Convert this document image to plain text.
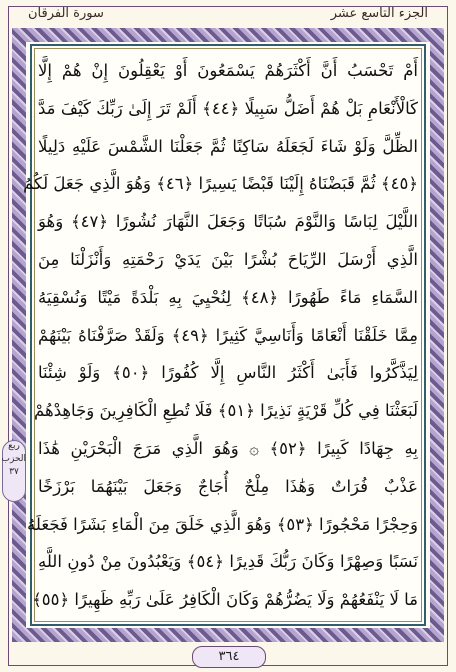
الجزء التاسع عشر
سورة الفرقان
أَمْ تَحْسَبُ أَنَّ أَكْثَرَهُمْ يَسْمَعُونَ أَوْ يَعْقِلُونَ إِنْ هُمْ إِلَّا
كَالْأَنْعَامِ بَلْ هُمْ أَضَلُّ سَبِيلًا ﴿٤٤﴾ أَلَمْ تَرَ إِلَىٰ رَبِّكَ كَيْفَ مَدَّ
الظِّلَّ وَلَوْ شَاءَ لَجَعَلَهُ سَاكِنًا ثُمَّ جَعَلْنَا الشَّمْسَ عَلَيْهِ دَلِيلًا
﴿٤٥﴾ ثُمَّ قَبَضْنَاهُ إِلَيْنَا قَبْضًا يَسِيرًا ﴿٤٦﴾ وَهُوَ الَّذِي جَعَلَ لَكُمُ
اللَّيْلَ لِبَاسًا وَالنَّوْمَ سُبَاتًا وَجَعَلَ النَّهَارَ نُشُورًا ﴿٤٧﴾ وَهُوَ
الَّذِي أَرْسَلَ الرِّيَاحَ بُشْرًا بَيْنَ يَدَيْ رَحْمَتِهِ وَأَنْزَلْنَا مِنَ
السَّمَاءِ مَاءً طَهُورًا ﴿٤٨﴾ لِنُحْيِيَ بِهِ بَلْدَةً مَيْتًا وَنُسْقِيَهُ
مِمَّا خَلَقْنَا أَنْعَامًا وَأَنَاسِيَّ كَثِيرًا ﴿٤٩﴾ وَلَقَدْ صَرَّفْنَاهُ بَيْنَهُمْ
لِيَذَّكَّرُوا فَأَبَىٰ أَكْثَرُ النَّاسِ إِلَّا كُفُورًا ﴿٥٠﴾ وَلَوْ شِئْنَا
لَبَعَثْنَا فِي كُلِّ قَرْيَةٍ نَذِيرًا ﴿٥١﴾ فَلَا تُطِعِ الْكَافِرِينَ وَجَاهِدْهُمْ
بِهِ جِهَادًا كَبِيرًا ﴿٥٢﴾ ۞ وَهُوَ الَّذِي مَرَجَ الْبَحْرَيْنِ هَٰذَا
عَذْبٌ فُرَاتٌ وَهَٰذَا مِلْحٌ أُجَاجٌ وَجَعَلَ بَيْنَهُمَا بَرْزَخًا
وَحِجْرًا مَحْجُورًا ﴿٥٣﴾ وَهُوَ الَّذِي خَلَقَ مِنَ الْمَاءِ بَشَرًا فَجَعَلَهُ
نَسَبًا وَصِهْرًا وَكَانَ رَبُّكَ قَدِيرًا ﴿٥٤﴾ وَيَعْبُدُونَ مِنْ دُونِ اللَّهِ
مَا لَا يَنْفَعُهُمْ وَلَا يَضُرُّهُمْ وَكَانَ الْكَافِرُ عَلَىٰ رَبِّهِ ظَهِيرًا ﴿٥٥﴾
ربع
الحزب
٣٧
٣٦٤
